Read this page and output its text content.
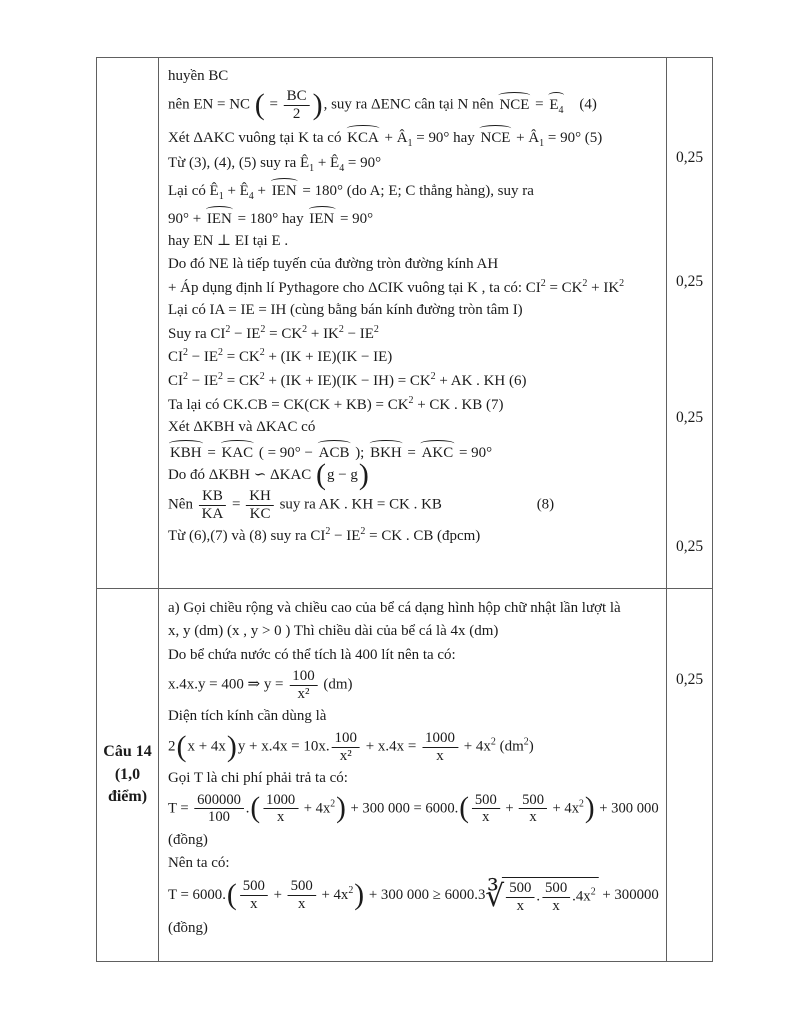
huyền BC
nên EN = NC ( = $\frac{BC}{2}$ ), suy ra ΔENC cân tại N nên NCE = $E_4$ (4)
Xét ΔAKC vuông tại K ta có KCA + $Â_1 = 90^\circ$ hay NCE + $Â_1 = 90^\circ$ (5)
Từ (3), (4), (5) suy ra $Ê_1$ + $Ê_4 = 90^\circ$
Lại có $Ê_1$ + $Ê_4$ + IEN = 180° (do A; E; C thẳng hàng), suy ra
90° + IEN = 180° hay IEN = 90°
hay EN ⊥ EI tại E .
Do đó NE là tiếp tuyến của đường tròn đường kính AH
+ Áp dụng định lí Pythagore cho ΔCIK vuông tại K , ta có: $CI^2 = CK^2 + IK^2$
Lại có IA = IE = IH (cùng bằng bán kính đường tròn tâm I)
Suy ra $CI^2 - IE^2 = CK^2 + IK^2 - IE^2$
$CI^2 - IE^2 = CK^2 + (IK + IE)(IK - IE)$
$CI^2 - IE^2 = CK^2 + (IK + IE)(IK - IH) = CK^2$ + AK . KH (6)
Ta lại có $CK.CB = CK(CK + KB) = CK^2$ + CK . KB (7)
Xét ΔKBH và ΔKAC có
KBH = KAC ( = 90° − ACB ); BKH = AKC = 90°
Do đó ΔKBH ∽ ΔKAC (g − g)
Nên $\frac{KB}{KA} = \frac{KH}{KC}$ suy ra AK . KH = CK . KB	(8)
Từ (6),(7) và (8) suy ra $CI^2 - IE^2$ = CK . CB (đpcm)
0,25
0,25
0,25
0,25
Câu 14
(1,0
điểm)
a) Gọi chiều rộng và chiều cao của bể cá dạng hình hộp chữ nhật lần lượt là
x, y (dm) (x , y > 0 ) Thì chiều dài của bể cá là 4x (dm)
Do bể chứa nước có thể tích là 400 lít nên ta có:
x.4x.y = 400 ⇒ $y = \frac{100}{\text{x²}} (dm)$
Diện tích kính cần dùng là
2(x + 4x)y + x.4x = 10x. $\frac{100}{\text{x²}} + x.4x = \frac{1000}{x} + 4x^2$ $(dm^2)$
Gọi T là chi phí phải trả ta có:
$T = \frac{600000}{100}$ .( $\frac{1000}{x} + 4x^2) + 300$ $000 = 6000.( \frac{500}{x} + \frac{500}{x} + 4x^2) + 300$ 000
(đồng)
Nên ta có:
$T = 6000.( \frac{500}{x} + \frac{500}{x} + 4x^2) + 300$ 000 ≥ 6000.3∛ $\frac{500}{x}$ . $\frac{500}{x} .4x^2 + 300000$
(đồng)
0,25
